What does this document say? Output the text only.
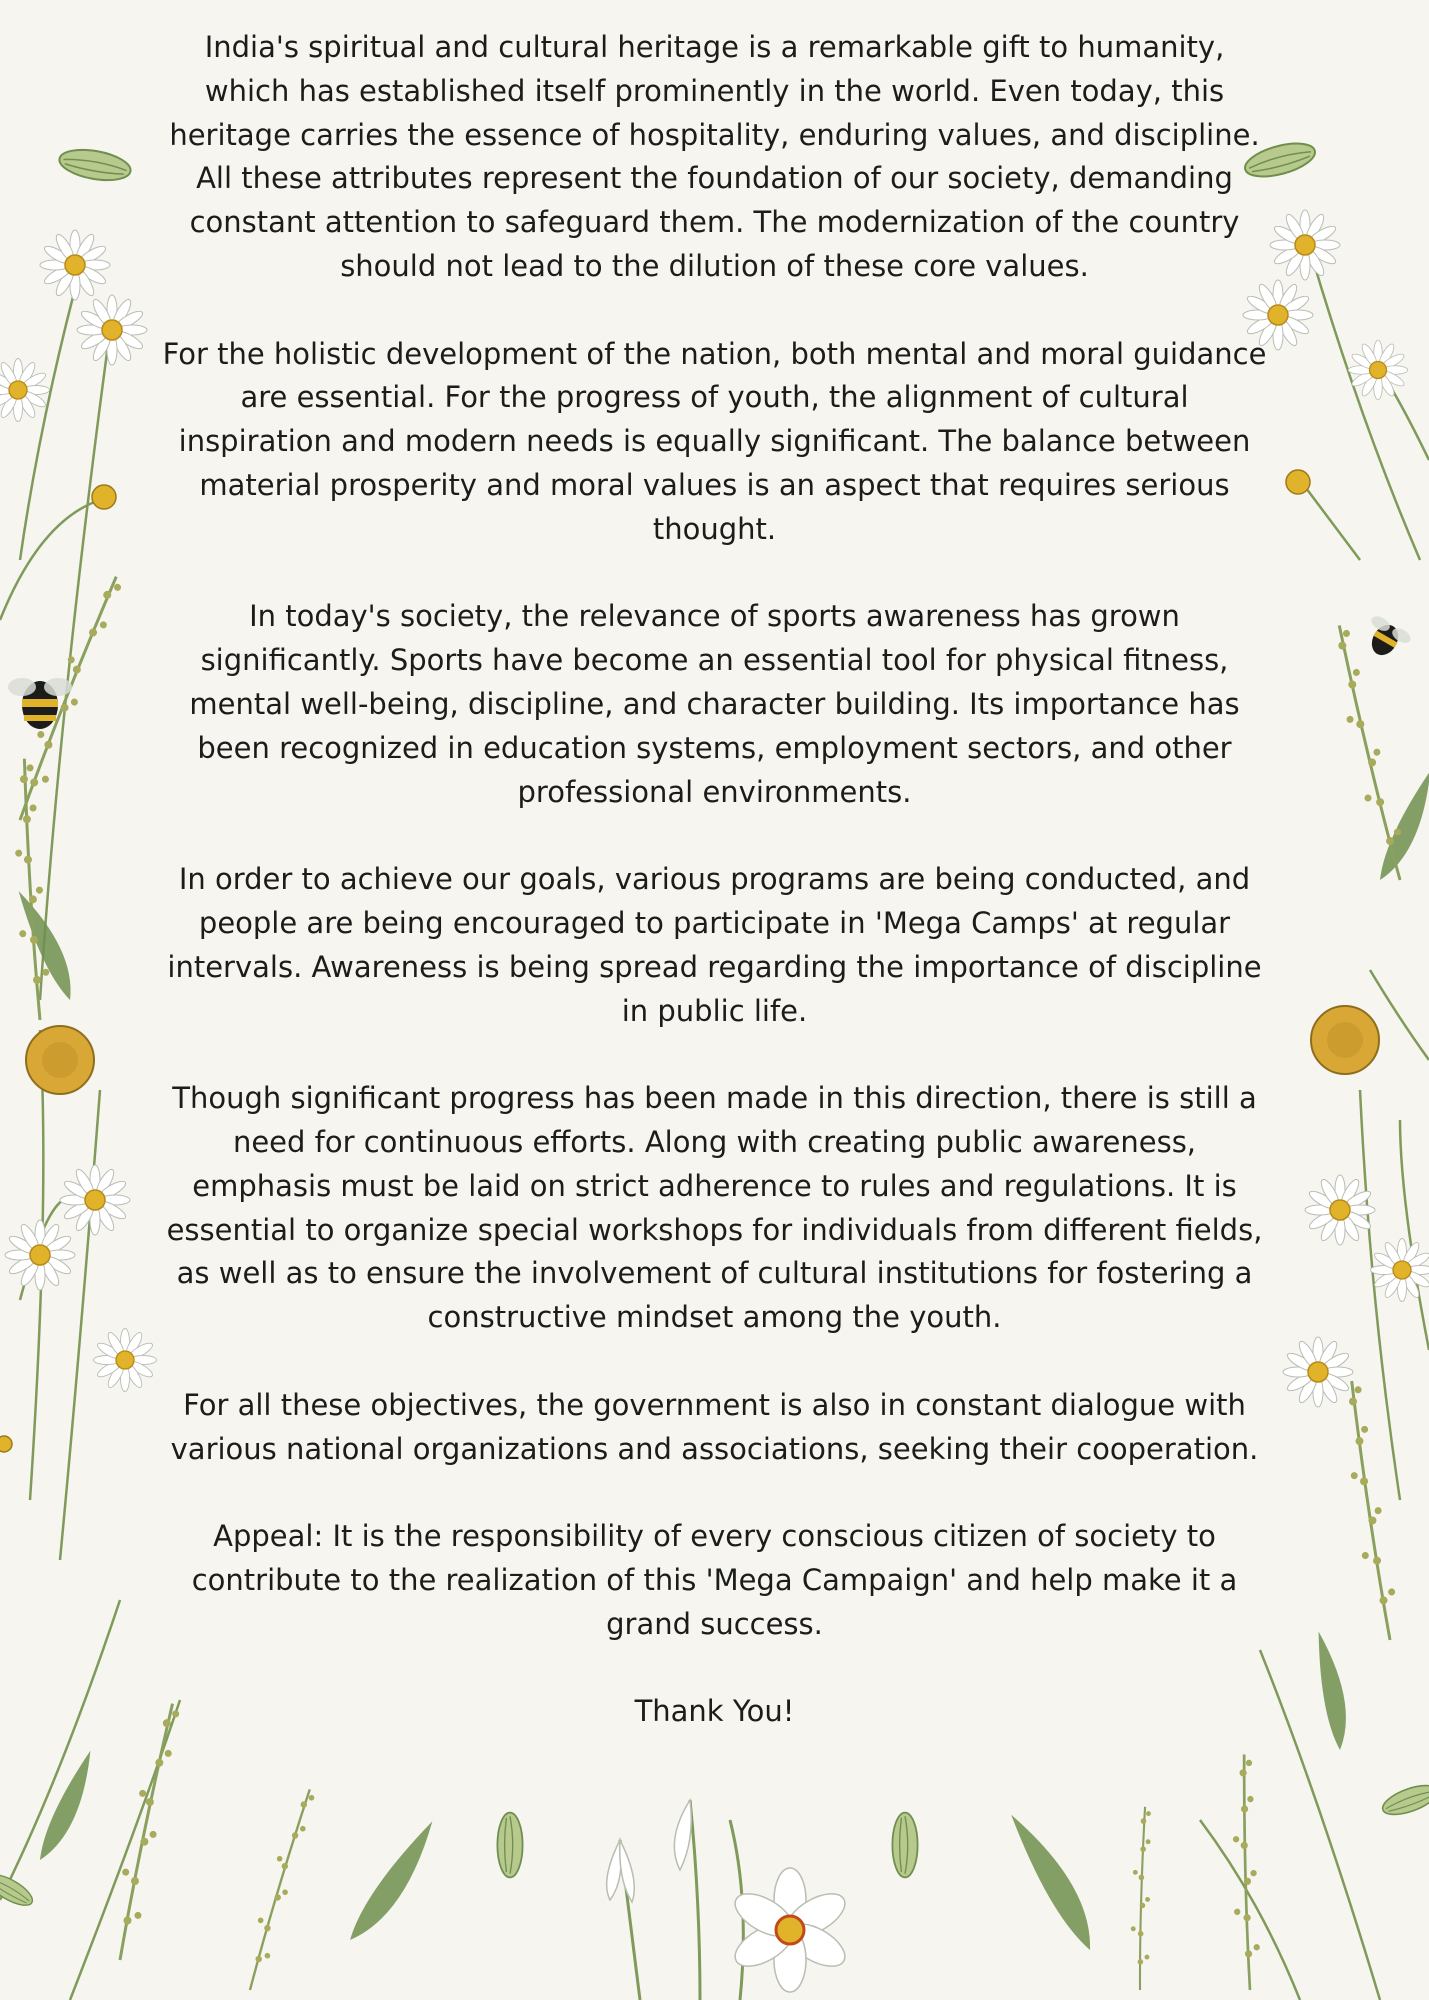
India's spiritual and cultural heritage is a remarkable gift to humanity, which has established itself prominently in the world. Even today, this heritage carries the essence of hospitality, enduring values, and discipline. All these attributes represent the foundation of our society, demanding constant attention to safeguard them. The modernization of the country should not lead to the dilution of these core values.

For the holistic development of the nation, both mental and moral guidance are essential. For the progress of youth, the alignment of cultural inspiration and modern needs is equally significant. The balance between material prosperity and moral values is an aspect that requires serious thought.

In today's society, the relevance of sports awareness has grown significantly. Sports have become an essential tool for physical fitness, mental well-being, discipline, and character building. Its importance has been recognized in education systems, employment sectors, and other professional environments.

In order to achieve our goals, various programs are being conducted, and people are being encouraged to participate in 'Mega Camps' at regular intervals. Awareness is being spread regarding the importance of discipline in public life.

Though significant progress has been made in this direction, there is still a need for continuous efforts. Along with creating public awareness, emphasis must be laid on strict adherence to rules and regulations. It is essential to organize special workshops for individuals from different fields, as well as to ensure the involvement of cultural institutions for fostering a constructive mindset among the youth.

For all these objectives, the government is also in constant dialogue with various national organizations and associations, seeking their cooperation.

Appeal: It is the responsibility of every conscious citizen of society to contribute to the realization of this 'Mega Campaign' and help make it a grand success.

Thank You!
